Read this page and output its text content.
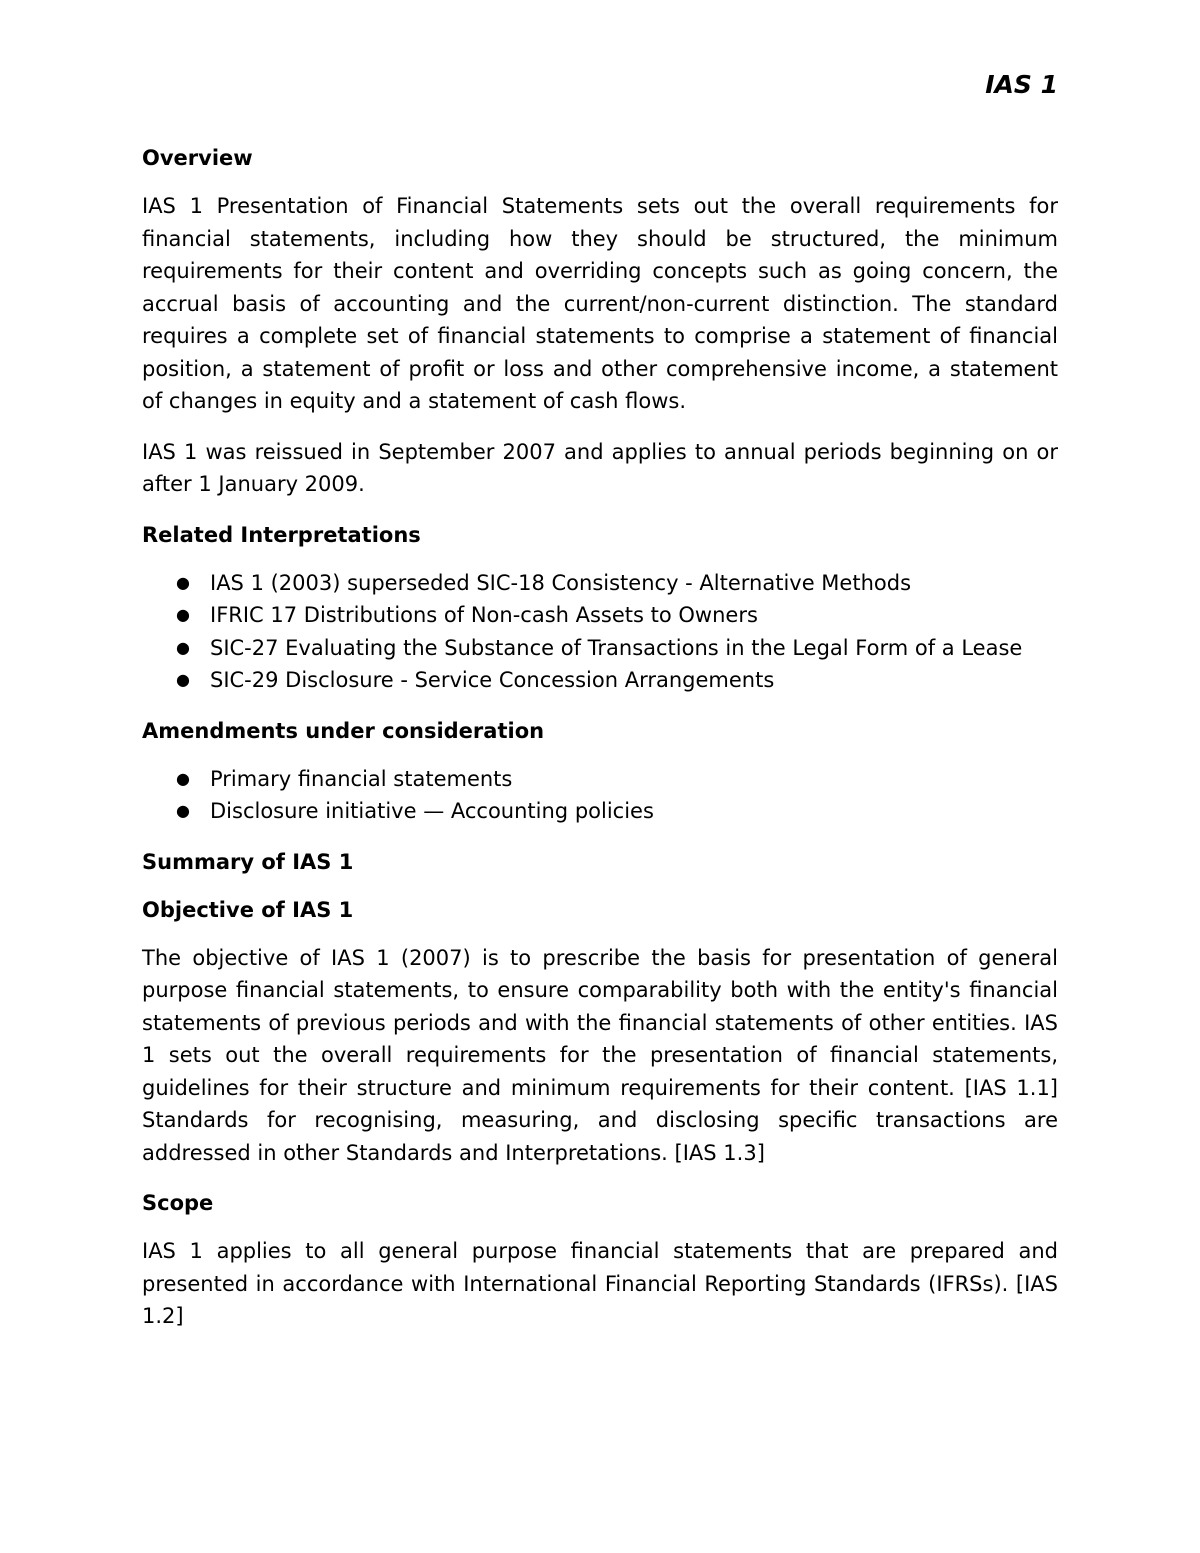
IAS 1
Overview

IAS 1 Presentation of Financial Statements sets out the overall requirements for financial statements, including how they should be structured, the minimum requirements for their content and overriding concepts such as going concern, the accrual basis of accounting and the current/non-current distinction. The standard requires a complete set of financial statements to comprise a statement of financial position, a statement of profit or loss and other comprehensive income, a statement of changes in equity and a statement of cash flows.

IAS 1 was reissued in September 2007 and applies to annual periods beginning on or after 1 January 2009.

Related Interpretations
● IAS 1 (2003) superseded SIC-18 Consistency - Alternative Methods
● IFRIC 17 Distributions of Non-cash Assets to Owners
● SIC-27 Evaluating the Substance of Transactions in the Legal Form of a Lease
● SIC-29 Disclosure - Service Concession Arrangements
Amendments under consideration
● Primary financial statements
● Disclosure initiative — Accounting policies
Summary of IAS 1
Objective of IAS 1

The objective of IAS 1 (2007) is to prescribe the basis for presentation of general purpose financial statements, to ensure comparability both with the entity's financial statements of previous periods and with the financial statements of other entities. IAS 1 sets out the overall requirements for the presentation of financial statements, guidelines for their structure and minimum requirements for their content. [IAS 1.1] Standards for recognising, measuring, and disclosing specific transactions are addressed in other Standards and Interpretations. [IAS 1.3]

Scope

IAS 1 applies to all general purpose financial statements that are prepared and presented in accordance with International Financial Reporting Standards (IFRSs). [IAS 1.2]
